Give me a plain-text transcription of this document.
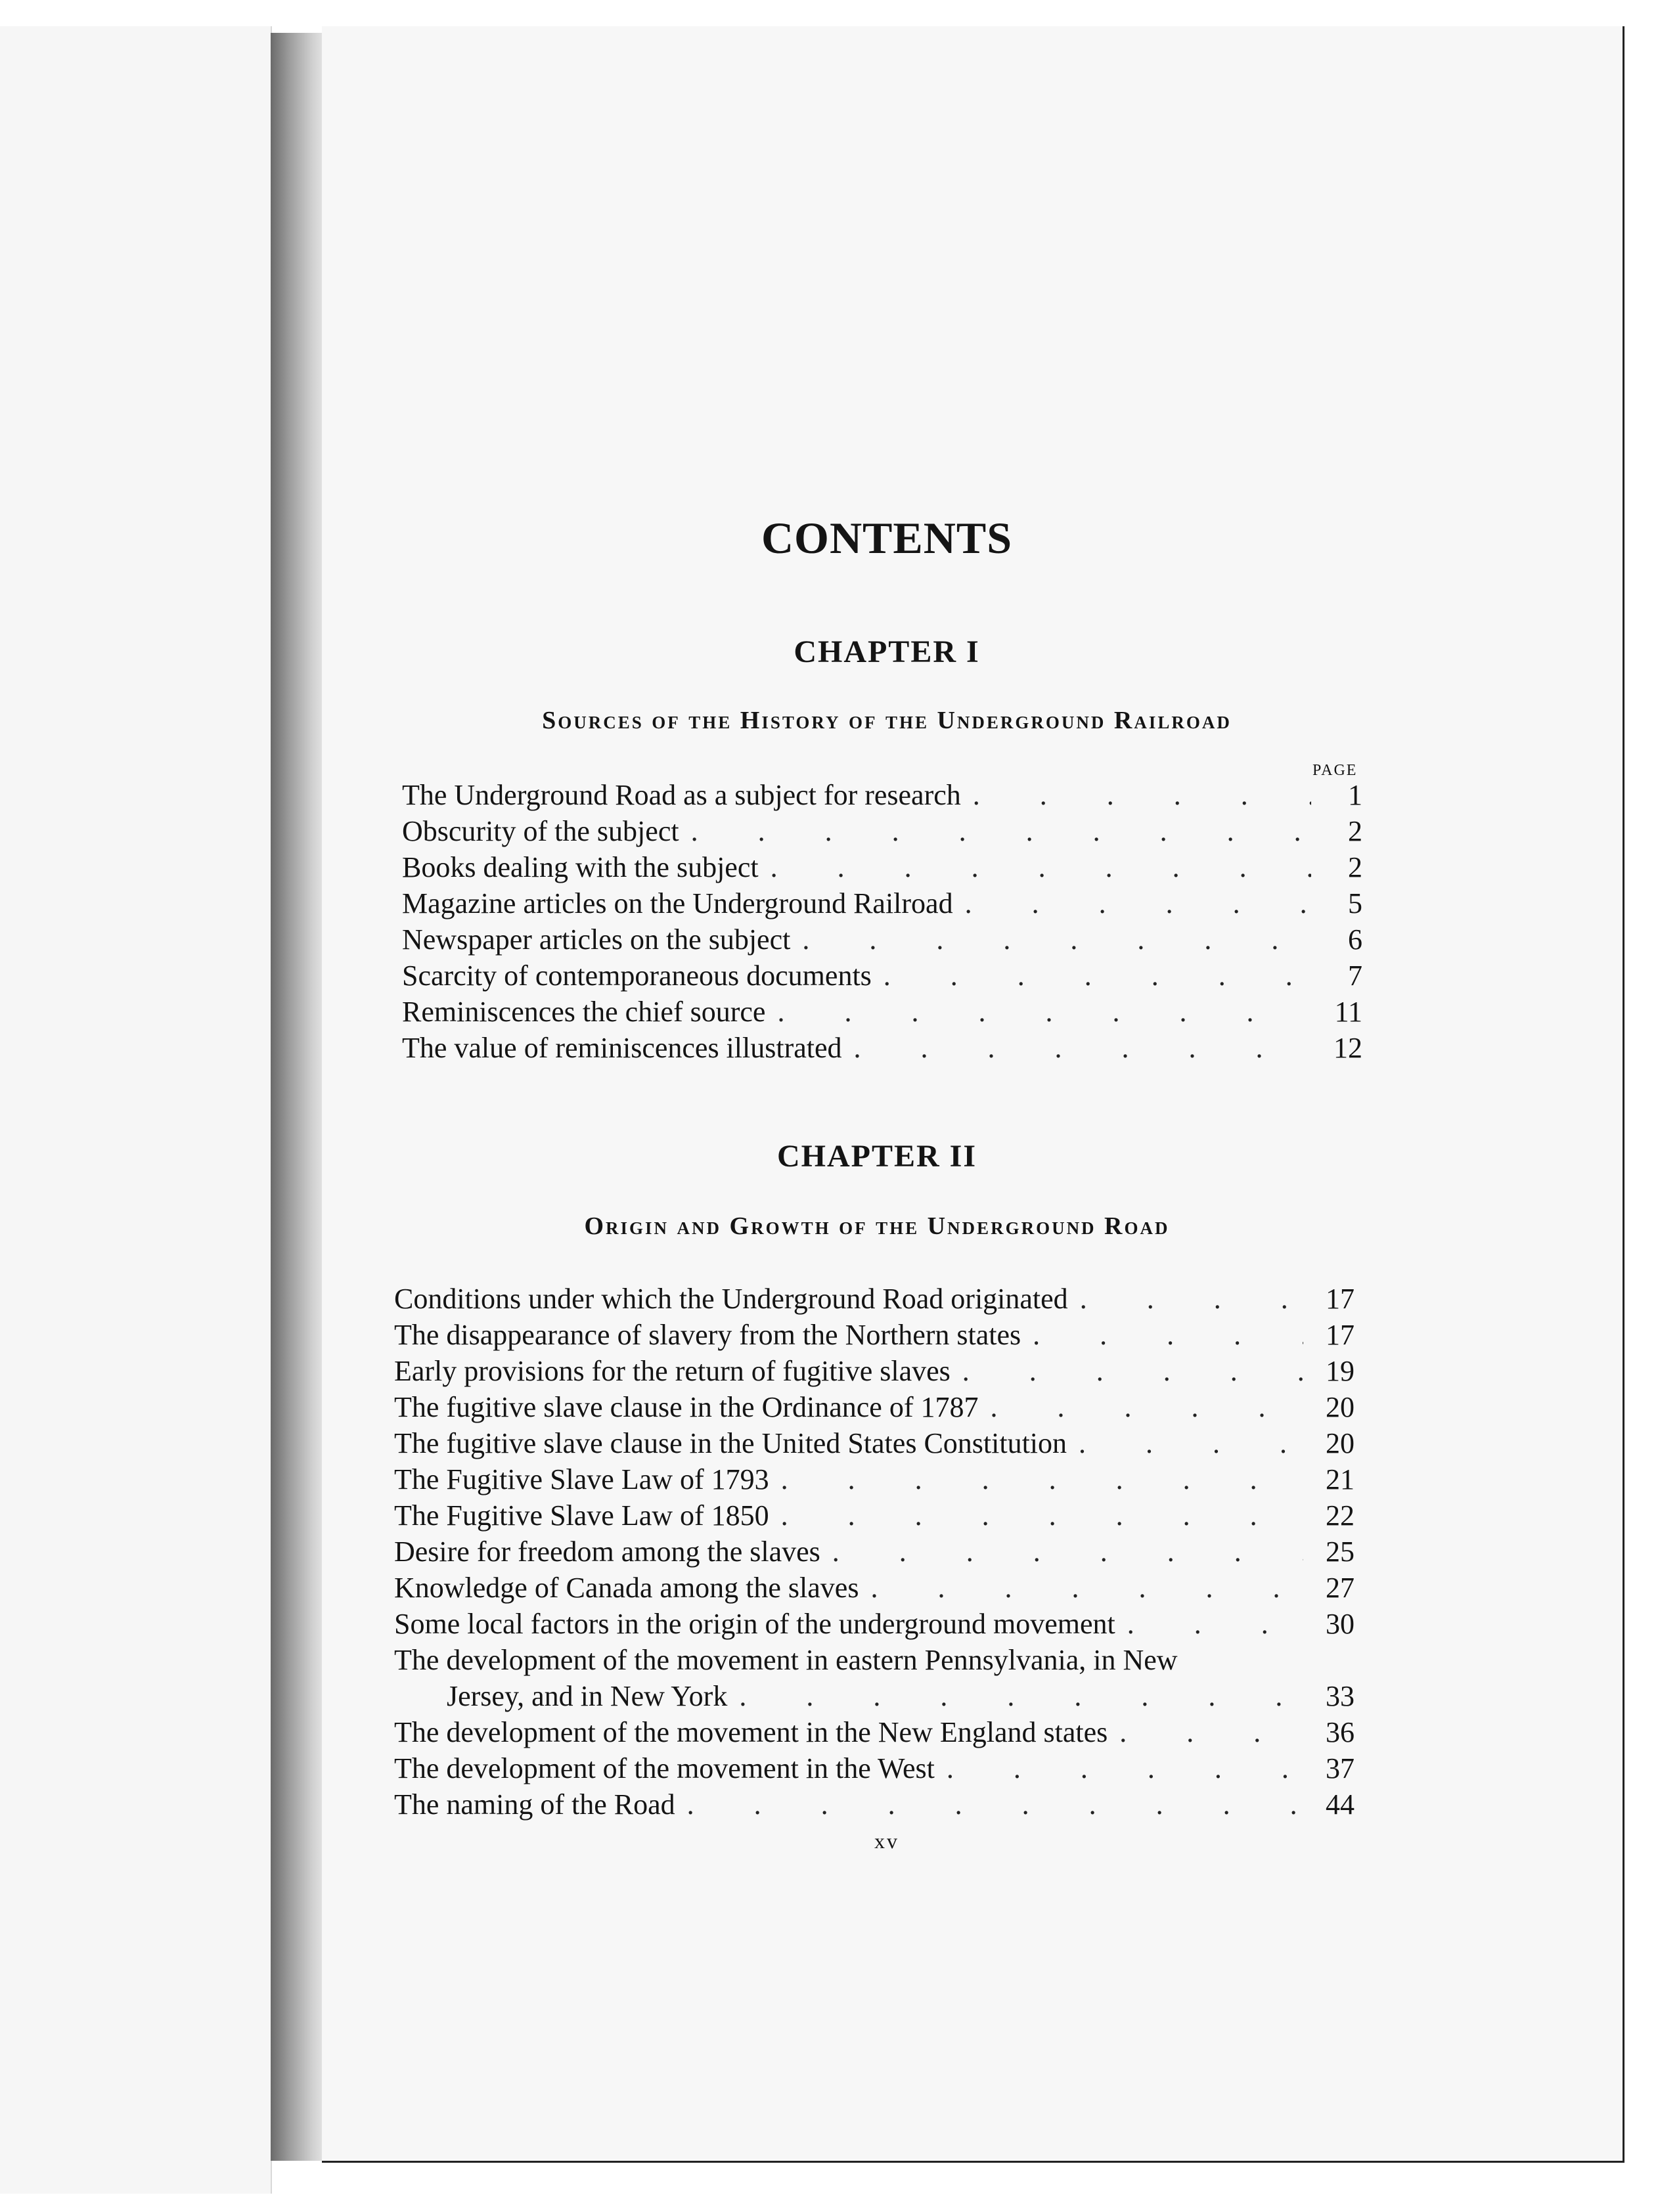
CONTENTS
CHAPTER I
Sources of the History of the Underground Railroad
PAGE
The Underground Road as a subject for research . . .	1
Obscurity of the subject . . .	2
Books dealing with the subject . . .	2
Magazine articles on the Underground Railroad . . .	5
Newspaper articles on the subject . . .	6
Scarcity of contemporaneous documents . . .	7
Reminiscences the chief source . . .	11
The value of reminiscences illustrated . . .	12
CHAPTER II
Origin and Growth of the Underground Road
Conditions under which the Underground Road originated . . .	17
The disappearance of slavery from the Northern states . . .	17
Early provisions for the return of fugitive slaves . . .	19
The fugitive slave clause in the Ordinance of 1787 . . .	20
The fugitive slave clause in the United States Constitution . . .	20
The Fugitive Slave Law of 1793 . . .	21
The Fugitive Slave Law of 1850 . . .	22
Desire for freedom among the slaves . . .	25
Knowledge of Canada among the slaves . . .	27
Some local factors in the origin of the underground movement . . .	30
The development of the movement in eastern Pennsylvania, in New
Jersey, and in New York . . .	33
The development of the movement in the New England states . . .	36
The development of the movement in the West . . .	37
The naming of the Road . . .	44
xv
